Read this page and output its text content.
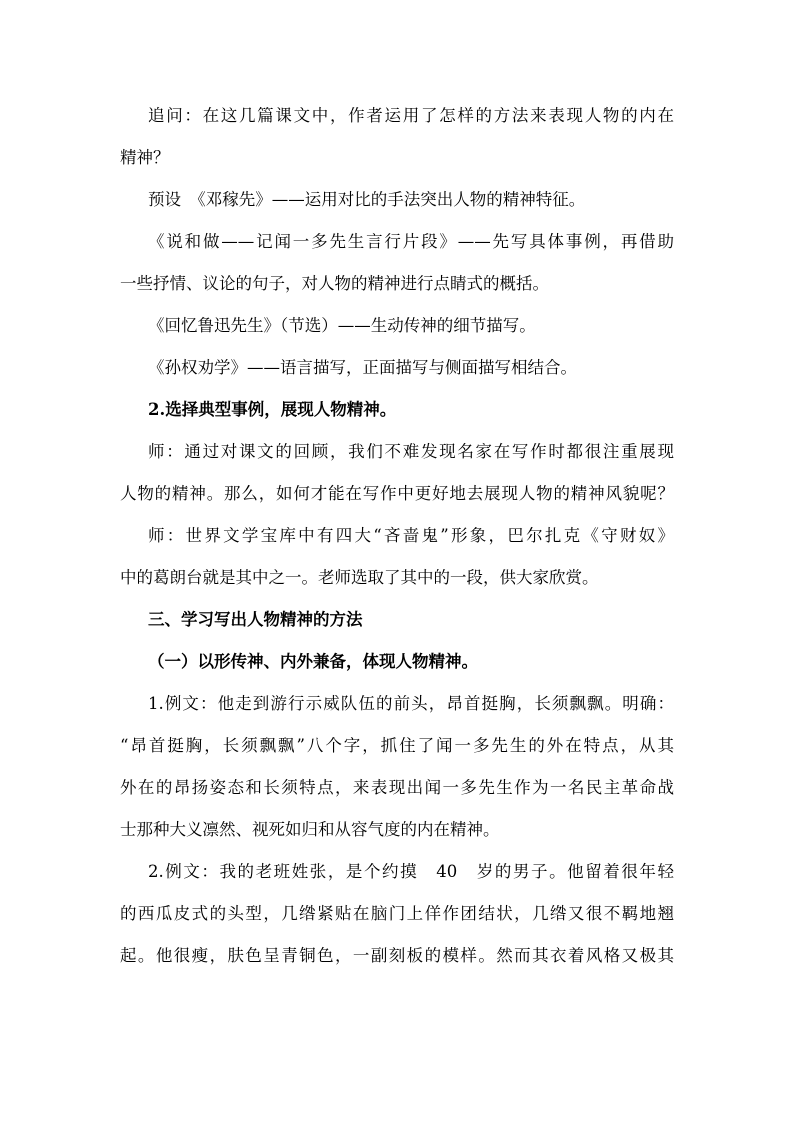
追问：在这几篇课文中，作者运用了怎样的方法来表现人物的内在

精神？

预设　《邓稼先》——运用对比的手法突出人物的精神特征。

《说和做——记闻一多先生言行片段》——先写具体事例，再借助

一些抒情、议论的句子，对人物的精神进行点睛式的概括。

《回忆鲁迅先生》（节选）——生动传神的细节描写。

《孙权劝学》——语言描写，正面描写与侧面描写相结合。

2.选择典型事例，展现人物精神。

师：通过对课文的回顾，我们不难发现名家在写作时都很注重展现

人物的精神。那么，如何才能在写作中更好地去展现人物的精神风貌呢？

师：世界文学宝库中有四大“吝啬鬼”形象，巴尔扎克《守财奴》

中的葛朗台就是其中之一。老师选取了其中的一段，供大家欣赏。

三、学习写出人物精神的方法

（一）以形传神、内外兼备，体现人物精神。

1.例文：他走到游行示威队伍的前头，昂首挺胸，长须飘飘。明确：

“昂首挺胸，长须飘飘”八个字，抓住了闻一多先生的外在特点，从其

外在的昂扬姿态和长须特点，来表现出闻一多先生作为一名民主革命战

士那种大义凛然、视死如归和从容气度的内在精神。

2.例文：我的老班姓张，是个约摸　40　岁的男子。他留着很年轻

的西瓜皮式的头型，几绺紧贴在脑门上佯作团结状，几绺又很不羁地翘

起。他很瘦，肤色呈青铜色，一副刻板的模样。然而其衣着风格又极其
